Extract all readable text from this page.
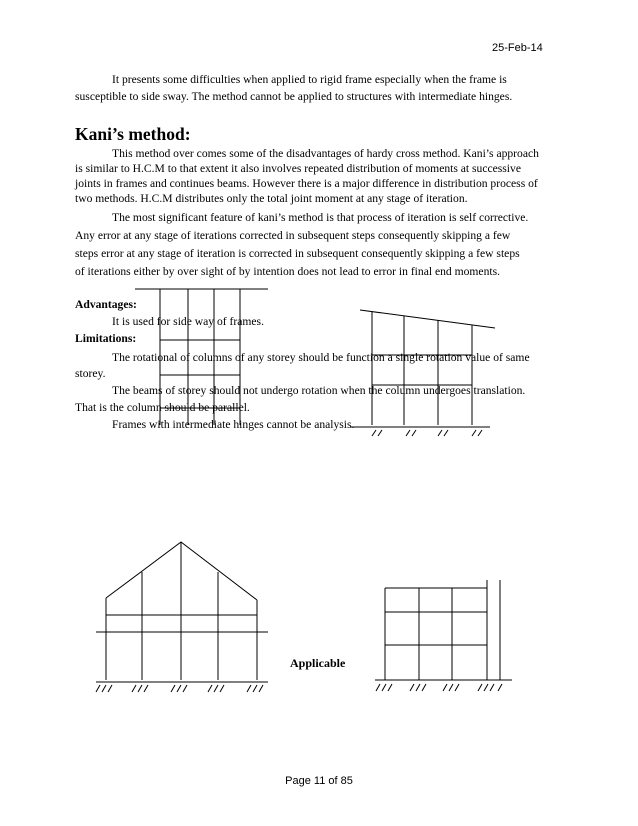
25-Feb-14
It presents some difficulties when applied to rigid frame especially when the frame is
susceptible to side sway. The method cannot be applied to structures with intermediate hinges.
Kani’s method:
This method over comes some of the disadvantages of hardy cross method. Kani’s approach
is similar to H.C.M to that extent it also involves repeated distribution of moments at successive
joints in frames and continues beams. However there is a major difference in distribution process of
two methods. H.C.M distributes only the total joint moment at any stage of iteration.
The most significant feature of kani’s method is that process of iteration is self corrective.
Any error at any stage of iterations corrected in subsequent steps consequently skipping a few
steps error at any stage of iteration is corrected in subsequent consequently skipping a few steps
of iterations either by over sight of by intention does not lead to error in final end moments.
Advantages:
It is used for side way of frames.
Limitations:
The rotational of columns of any storey should be function a single rotation value of same
storey.
The beams of storey should not undergo rotation when the column undergoes translation.
That is the column should be parallel.
Frames with intermediate hinges cannot be analysis.
Applicable
Page 11 of 85
